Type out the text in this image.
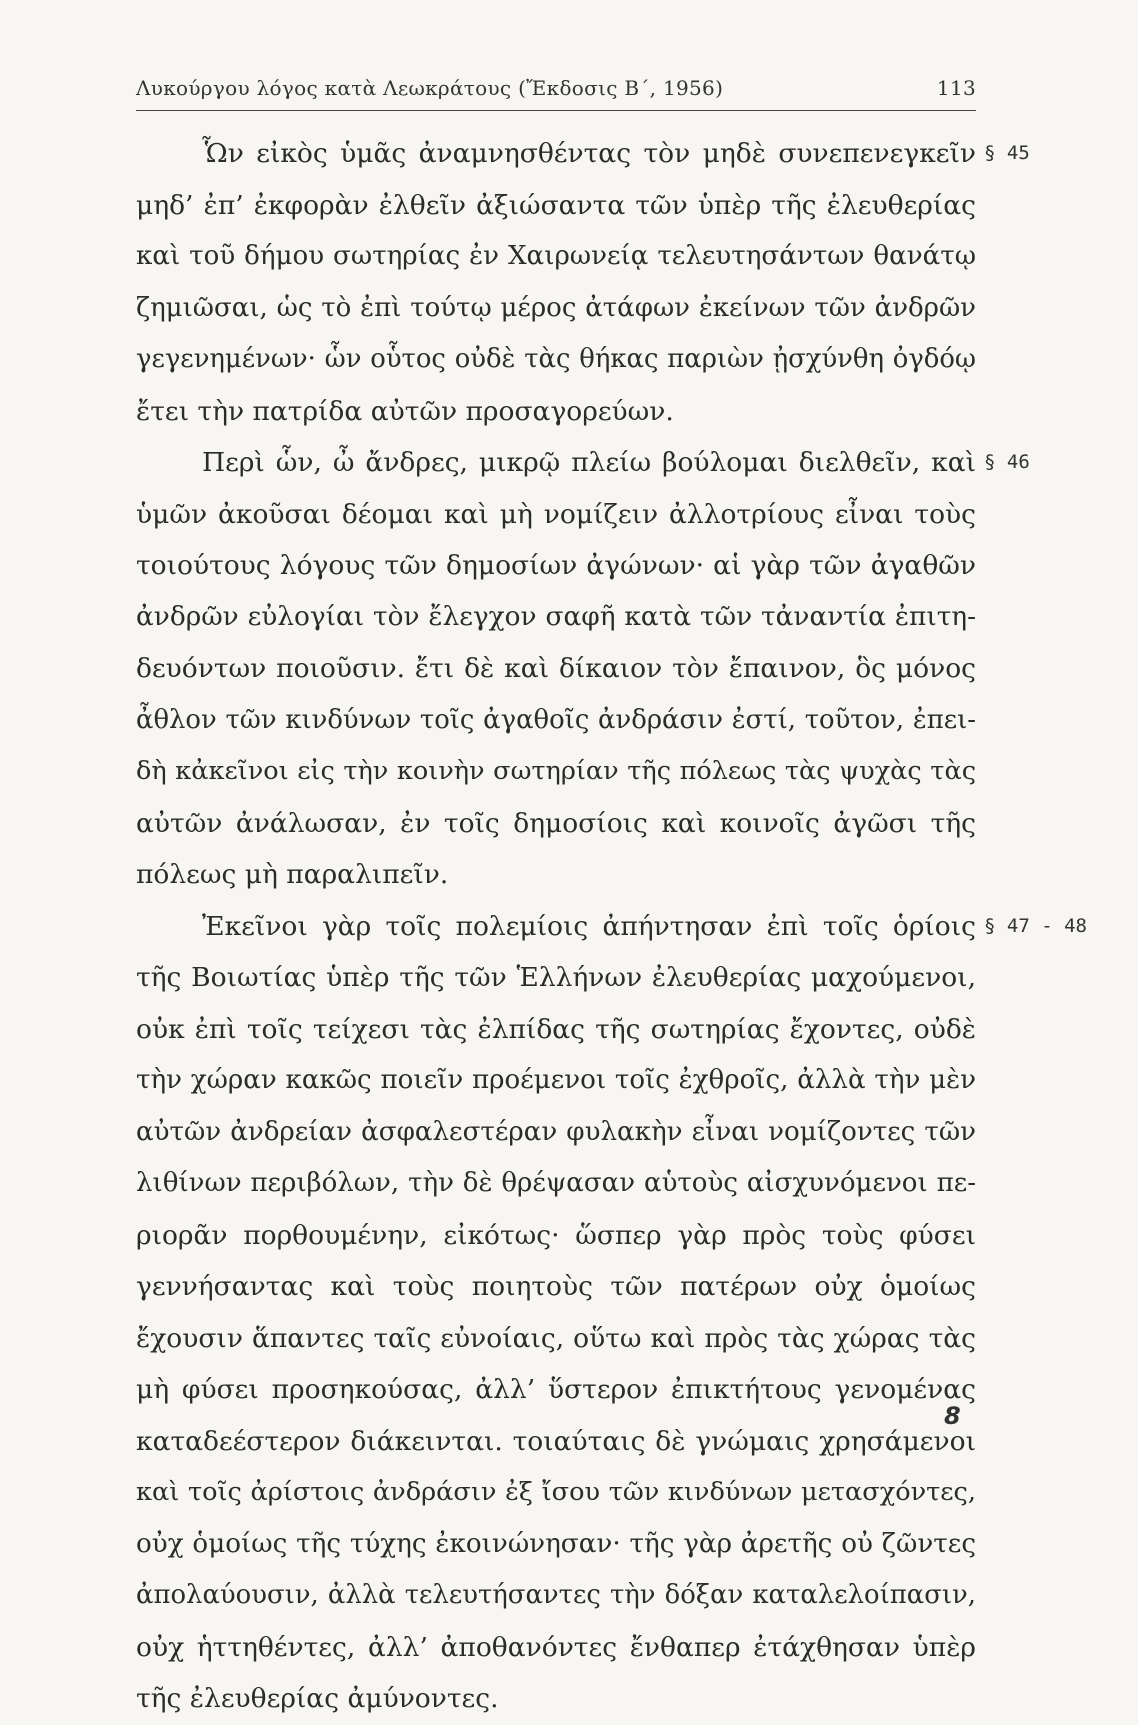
Λυκούργου λόγος κατὰ Λεωκράτους (Ἔκδοσις Β΄, 1956)	113
Ὧν εἰκὸς ὑμᾶς ἀναμνησθέντας τὸν μηδὲ συνεπενεγκεῖν
μηδ’ ἐπ’ ἐκφορὰν ἐλθεῖν ἀξιώσαντα τῶν ὑπὲρ τῆς ἐλευθερίας
καὶ τοῦ δήμου σωτηρίας ἐν Χαιρωνείᾳ τελευτησάντων θανάτῳ
ζημιῶσαι, ὡς τὸ ἐπὶ τούτῳ μέρος ἀτάφων ἐκείνων τῶν ἀνδρῶν
γεγενημένων· ὧν οὗτος οὐδὲ τὰς θήκας παριὼν ᾐσχύνθη ὀγδόῳ
ἔτει τὴν πατρίδα αὐτῶν προσαγορεύων.
Περὶ ὧν, ὦ ἄνδρες, μικρῷ πλείω βούλομαι διελθεῖν, καὶ
ὑμῶν ἀκοῦσαι δέομαι καὶ μὴ νομίζειν ἀλλοτρίους εἶναι τοὺς
τοιούτους λόγους τῶν δημοσίων ἀγώνων· αἱ γὰρ τῶν ἀγαθῶν
ἀνδρῶν εὐλογίαι τὸν ἔλεγχον σαφῆ κατὰ τῶν τἀναντία ἐπιτη-
δευόντων ποιοῦσιν. ἔτι δὲ καὶ δίκαιον τὸν ἔπαινον, ὃς μόνος
ἆθλον τῶν κινδύνων τοῖς ἀγαθοῖς ἀνδράσιν ἐστί, τοῦτον, ἐπει-
δὴ κἀκεῖνοι εἰς τὴν κοινὴν σωτηρίαν τῆς πόλεως τὰς ψυχὰς τὰς
αὐτῶν ἀνάλωσαν, ἐν τοῖς δημοσίοις καὶ κοινοῖς ἀγῶσι τῆς
πόλεως μὴ παραλιπεῖν.
Ἐκεῖνοι γὰρ τοῖς πολεμίοις ἀπήντησαν ἐπὶ τοῖς ὁρίοις
τῆς Βοιωτίας ὑπὲρ τῆς τῶν Ἑλλήνων ἐλευθερίας μαχούμενοι,
οὐκ ἐπὶ τοῖς τείχεσι τὰς ἐλπίδας τῆς σωτηρίας ἔχοντες, οὐδὲ
τὴν χώραν κακῶς ποιεῖν προέμενοι τοῖς ἐχθροῖς, ἀλλὰ τὴν μὲν
αὐτῶν ἀνδρείαν ἀσφαλεστέραν φυλακὴν εἶναι νομίζοντες τῶν
λιθίνων περιβόλων, τὴν δὲ θρέψασαν αὑτοὺς αἰσχυνόμενοι πε-
ριορᾶν πορθουμένην, εἰκότως· ὥσπερ γὰρ πρὸς τοὺς φύσει
γεννήσαντας καὶ τοὺς ποιητοὺς τῶν πατέρων οὐχ ὁμοίως
ἔχουσιν ἅπαντες ταῖς εὐνοίαις, οὕτω καὶ πρὸς τὰς χώρας τὰς
μὴ φύσει προσηκούσας, ἀλλ’ ὕστερον ἐπικτήτους γενομένας
καταδεέστερον διάκεινται. τοιαύταις δὲ γνώμαις χρησάμενοι
καὶ τοῖς ἀρίστοις ἀνδράσιν ἐξ ἴσου τῶν κινδύνων μετασχόντες,
οὐχ ὁμοίως τῆς τύχης ἐκοινώνησαν· τῆς γὰρ ἀρετῆς οὐ ζῶντες
ἀπολαύουσιν, ἀλλὰ τελευτήσαντες τὴν δόξαν καταλελοίπασιν,
οὐχ ἡττηθέντες, ἀλλ’ ἀποθανόντες ἔνθαπερ ἐτάχθησαν ὑπὲρ
τῆς ἐλευθερίας ἀμύνοντες.
§ 45
§ 46
§ 47 - 48
8
